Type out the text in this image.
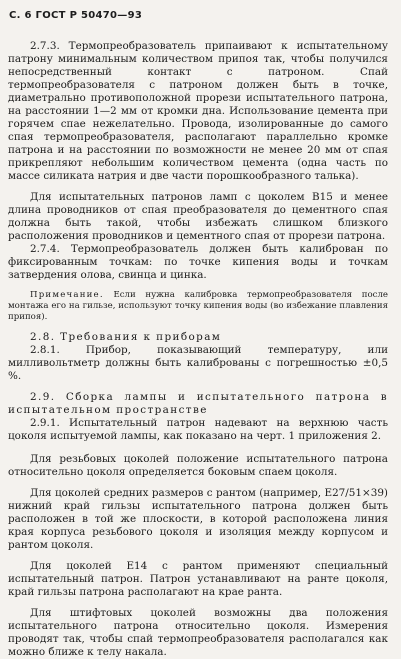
С. 6 ГОСТ Р 50470—93

2.7.3. Термопреобразователь припаивают к испытательному патрону минимальным количеством припоя так, чтобы получился непосредственный контакт с патроном. Спай термопреобразователя с патроном должен быть в точке, диаметрально противоположной прорези испытательного патрона, на расстоянии 1—2 мм от кромки дна. Использование цемента при горячем спае нежелательно. Провода, изолированные до самого спая термопреобразователя, располагают параллельно кромке патрона и на расстоянии по возможности не менее 20 мм от спая прикрепляют небольшим количеством цемента (одна часть по массе силиката натрия и две части порошкообразного талька).

Для испытательных патронов ламп с цоколем В15 и менее длина проводников от спая преобразователя до цементного спая должна быть такой, чтобы избежать слишком близкого расположения проводников и цементного спая от прорези патрона.

2.7.4. Термопреобразователь должен быть калиброван по фиксированным точкам: по точке кипения воды и точкам затвердения олова, свинца и цинка.

Примечание. Если нужна калибровка термопреобразователя после монтажа его на гильзе, используют точку кипения воды (во избежание плавления припоя).

2.8. Требования к приборам

2.8.1. Прибор, показывающий температуру, или милливольтметр должны быть калиброваны с погрешностью ±0,5 %.

2.9. Сборка лампы и испытательного патрона в испытательном пространстве

2.9.1. Испытательный патрон надевают на верхнюю часть цоколя испытуемой лампы, как показано на черт. 1 приложения 2.

Для резьбовых цоколей положение испытательного патрона относительно цоколя определяется боковым спаем цоколя.

Для цоколей средних размеров с рантом (например, Е27/51×39) нижний край гильзы испытательного патрона должен быть расположен в той же плоскости, в которой расположена линия края корпуса резьбового цоколя и изоляция между корпусом и рантом цоколя.

Для цоколей Е14 с рантом применяют специальный испытательный патрон. Патрон устанавливают на ранте цоколя, край гильзы патрона располагают на крае ранта.

Для штифтовых цоколей возможны два положения испытательного патрона относительно цоколя. Измерения проводят так, чтобы спай термопреобразователя располагался как можно ближе к телу накала.
